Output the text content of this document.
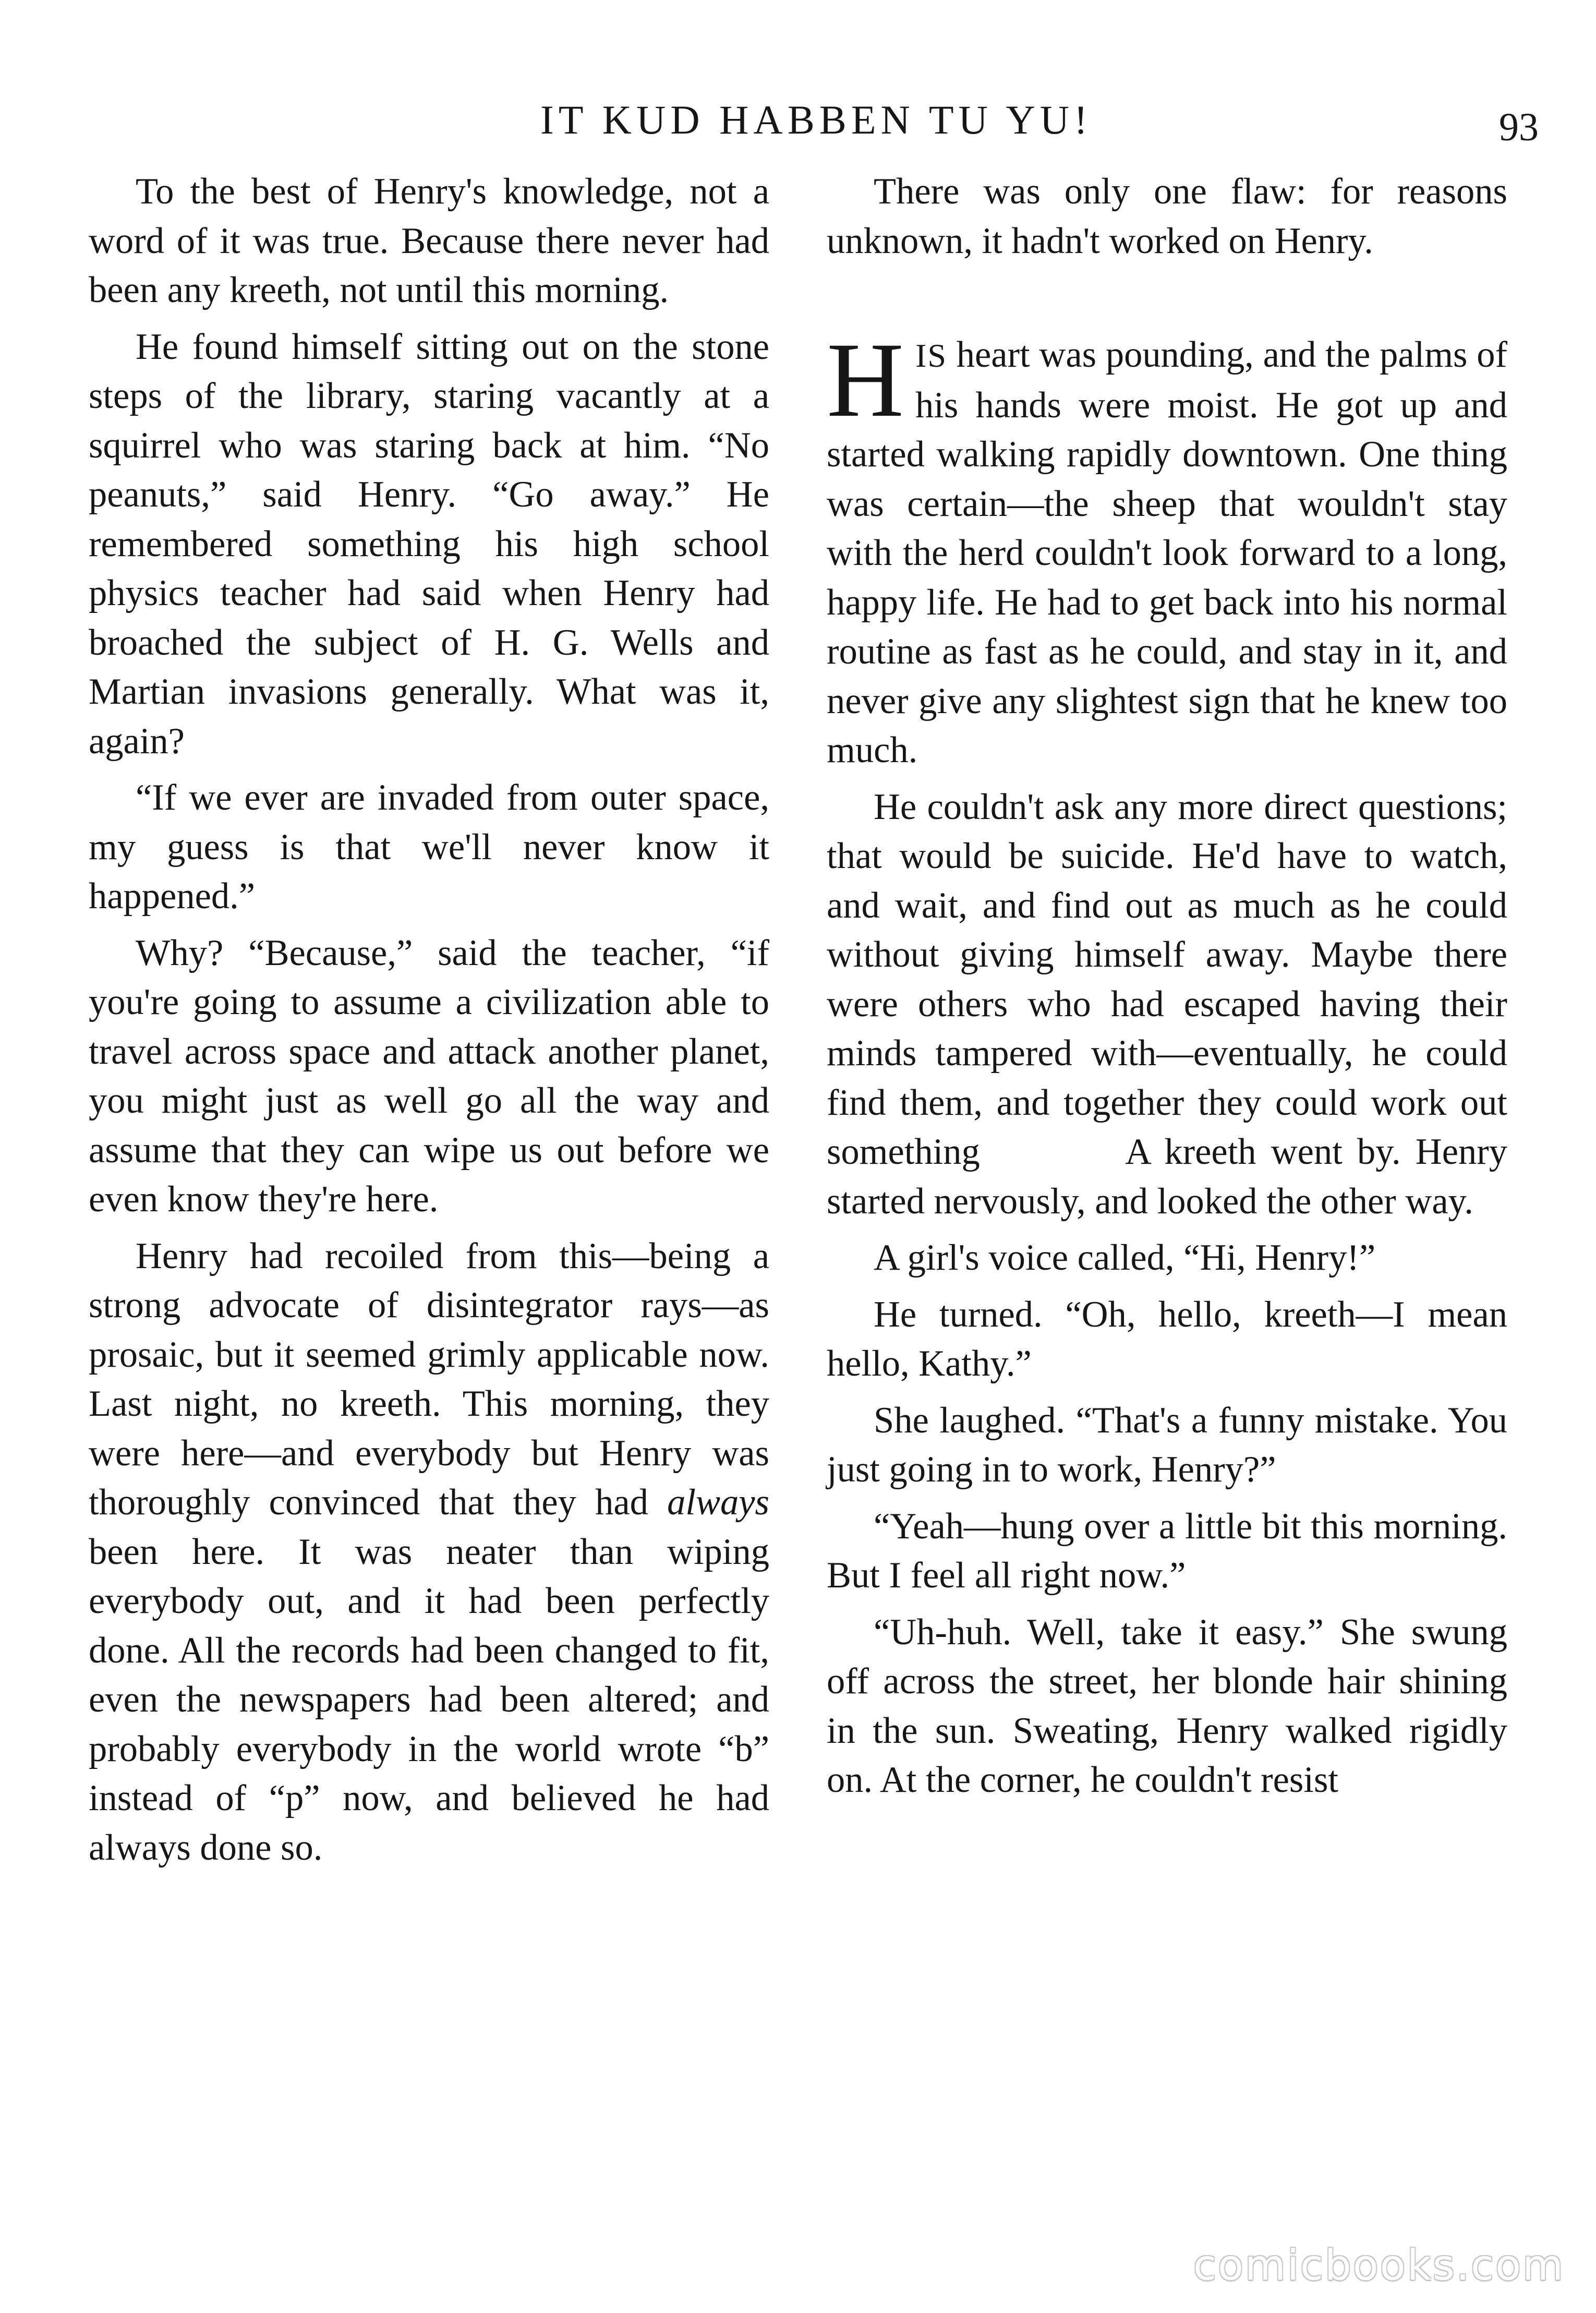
IT KUD HABBEN TU YU!	93

To the best of Henry's knowledge, not a word of it was true. Because there never had been any kreeth, not until this morning.

He found himself sitting out on the stone steps of the library, staring vacantly at a squirrel who was staring back at him. “No peanuts,” said Henry. “Go away.” He remembered something his high school physics teacher had said when Henry had broached the subject of H. G. Wells and Martian invasions generally. What was it, again?

“If we ever are invaded from outer space, my guess is that we'll never know it happened.”

Why? “Because,” said the teacher, “if you're going to assume a civilization able to travel across space and attack another planet, you might just as well go all the way and assume that they can wipe us out before we even know they're here.

Henry had recoiled from this—being a strong advocate of disintegrator rays—as prosaic, but it seemed grimly applicable now. Last night, no kreeth. This morning, they were here—and everybody but Henry was thoroughly convinced that they had always been here. It was neater than wiping everybody out, and it had been perfectly done. All the records had been changed to fit, even the newspapers had been altered; and probably everybody in the world wrote “b” instead of “p” now, and believed he had always done so.

There was only one flaw: for reasons unknown, it hadn't worked on Henry.

HIS heart was pounding, and the palms of his hands were moist. He got up and started walking rapidly downtown. One thing was certain—the sheep that wouldn't stay with the herd couldn't look forward to a long, happy life. He had to get back into his normal routine as fast as he could, and stay in it, and never give any slightest sign that he knew too much.

He couldn't ask any more direct questions; that would be suicide. He'd have to watch, and wait, and find out as much as he could without giving himself away. Maybe there were others who had escaped having their minds tampered with—eventually, he could find them, and together they could work out something          A kreeth went by. Henry started nervously, and looked the other way.

A girl's voice called, “Hi, Henry!”

He turned. “Oh, hello, kreeth—I mean hello, Kathy.”

She laughed. “That's a funny mistake. You just going in to work, Henry?”

“Yeah—hung over a little bit this morning. But I feel all right now.”

“Uh-huh. Well, take it easy.” She swung off across the street, her blonde hair shining in the sun. Sweating, Henry walked rigidly on. At the corner, he couldn't resist

comicbooks.com
